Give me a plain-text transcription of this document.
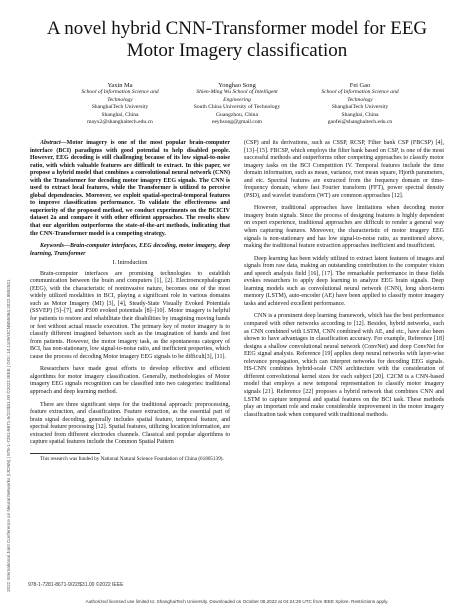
2022 International Joint Conference on Neural Networks (IJCNN) | 978-1-7281-8671-9/22/$31.00 ©2022 IEEE | DOI: 10.1109/IJCNN55064.2022.9892821
A novel hybrid CNN-Transformer model for EEG
Motor Imagery classification
Yaxin Ma
School of Information Science and
Technology
ShanghaiTech University
Shanghai, China
mayx2@shanghaitech.edu.cn
Yonghao Song
Shien-Ming Wu School of Intelligent
Engineering
South China University of Technology
Guangzhou, China
eeyhsong@gmail.com
Fei Gao
School of Information Science and
Technology
ShanghaiTech University
Shanghai, China
gaofei@shanghaitech.edu.cn

Abstract—Motor imagery is one of the most popular brain-computer interface (BCI) paradigms with good potential to help disabled people. However, EEG decoding is still challenging because of its low signal-to-noise ratio, with which valuable features are difficult to extract. In this paper, we propose a hybrid model that combines a convolutional neural network (CNN) with the Transformer for decoding motor imagery EEG signals. The CNN is used to extract local features, while the Transformer is utilized to perceive global dependencies. Moreover, we exploit spatial-spectral-temporal features to improve classification performance. To validate the effectiveness and superiority of the proposed method, we conduct experiments on the BCICIV dataset 2a and compare it with other efficient approaches. The results show that our algorithm outperforms the state-of-the-art methods, indicating that the CNN-Transformer model is a competing strategy.

Keywords—Brain-computer interfaces, EEG decoding, motor imagery, deep learning, Transformer

I. Introduction

Brain-computer interfaces are promising technologies to establish communication between the brain and computers [1], [2]. Electroencephalogram (EEG), with the characteristic of noninvasive nature, becomes one of the most widely utilized modalities in BCI, playing a significant role in various domains such as Motor Imagery (MI) [3], [4], Steady-State Visually Evoked Potentials (SSVEP) [5]–[7], and P300 evoked potentials [8]–[10]. Motor imagery is helpful for patients to restore and rehabilitate their disabilities by imagining moving hands or feet without actual muscle execution. The primary key of motor imagery is to classify different imagined behaviors such as the imagination of hands and feet from patients. However, the motor imagery task, as the spontaneous category of BCI, has non-stationary, low signal-to-noise ratio, and inefficient properties, which cause the process of decoding Motor imagery EEG signals to be difficult[3], [11].

Researchers have made great efforts to develop effective and efficient algorithms for motor imagery classification. Generally, methodologies of Motor imagery EEG signals recognition can be classified into two categories: traditional approach and deep learning method.

There are three significant steps for the traditional approach: preprocessing, feature extraction, and classification. Feature extraction, as the essential part of brain signal decoding, generally includes spatial feature, temporal feature, and spectral feature processing [12]. Spatial features, utilizing location information, are extracted from different electrodes channels. Classical and popular algorithms to capture spatial features include the Common Spatial Pattern

This research was funded by National Natural Science Foundation of China (61805139).

(CSP) and its derivations, such as CSSP, RCSP, Filter bank CSP (FBCSP) [4], [13]–[15]. FBCSP, which employs the filter bank based on CSP, is one of the most successful methods and outperforms other competing approaches to classify motor imagery tasks on the BCI Competition IV. Temporal features include the time domain information, such as mean, variance, root mean square, Hjorth parameters, and etc. Spectral features are extracted from the frequency domain or time-frequency domain, where fast Fourier transform (FFT), power spectral density (PSD), and wavelet transform (WT) are common approaches [12].

However, traditional approaches have limitations when decoding motor imagery brain signals. Since the process of designing features is highly dependent on expert experience, traditional approaches are difficult to render a general way when capturing features. Moreover, the characteristic of motor imagery EEG signals is non-stationary and has low signal-to-noise ratio, as mentioned above, making the traditional feature extraction approaches inefficient and insufficient.

Deep learning has been widely utilized to extract latent features of images and signals from raw data, making an outstanding contribution to the computer vision and speech analysis field [16], [17]. The remarkable performance in these fields evokes researchers to apply deep learning to analyze EEG brain signals. Deep learning models such as convolutional neural network (CNN), long short-term memory (LSTM), auto-encoder (AE) have been applied to classify motor imagery tasks and achieved excellent performance.

CNN is a prominent deep learning framework, which has the best performance compared with other networks according to [12]. Besides, hybrid networks, such as CNN combined with LSTM, CNN combined with AE, and etc., have also been shown to have advantages in classification accuracy. For example, Reference [18] designs a shallow convolutional neural network (ConvNet) and deep ConvNet for EEG signal analysis. Reference [19] applies deep neural networks with layer-wise relevance propagation, which can interpret networks for decoding EEG signals. HS-CNN combines hybrid-scale CNN architecture with the consideration of different convolutional kernel sizes for each subject [20]. C2CM is a CNN-based model that employs a new temporal representation to classify motor imagery signals [21]. Reference [22] proposes a hybrid network that combines CNN and LSTM to capture temporal and spatial features on the BCI task. These methods play an important role and make considerable improvement in the motor imagery classification task when compared with traditional methods.

978-1-7281-8671-9/22/$31.00 ©2022 IEEE
Authorized licensed use limited to: ShanghaiTech University. Downloaded on October 08,2022 at 04:24:26 UTC from IEEE Xplore. Restrictions apply.
